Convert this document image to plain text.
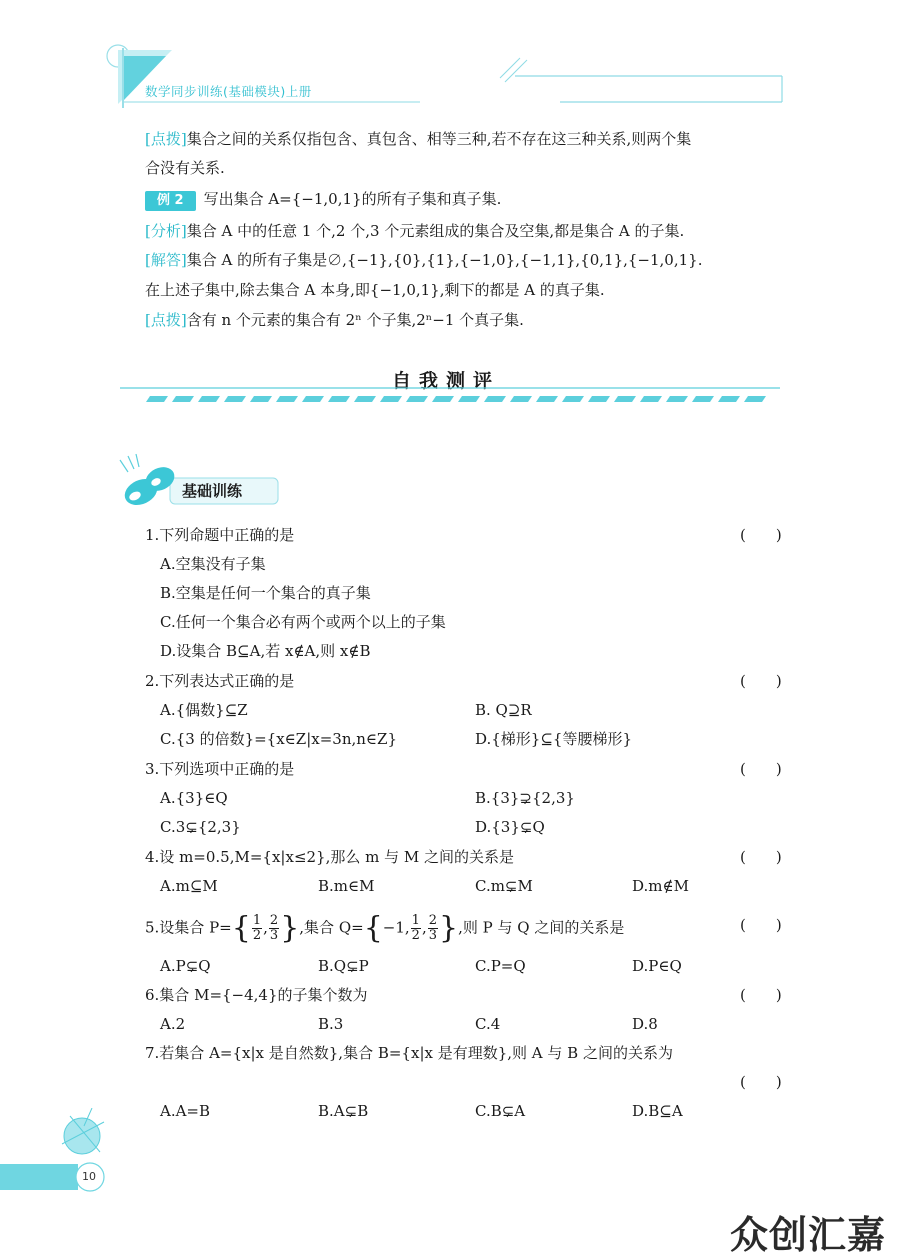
数学同步训练(基础模块)上册
[点拨]集合之间的关系仅指包含、真包含、相等三种,若不存在这三种关系,则两个集
合没有关系.
例 2 写出集合 A={−1,0,1}的所有子集和真子集.
[分析]集合 A 中的任意 1 个,2 个,3 个元素组成的集合及空集,都是集合 A 的子集.
[解答]集合 A 的所有子集是∅,{−1},{0},{1},{−1,0},{−1,1},{0,1},{−1,0,1}.
在上述子集中,除去集合 A 本身,即{−1,0,1},剩下的都是 A 的真子集.
[点拨]含有 n 个元素的集合有 2ⁿ 个子集,2ⁿ−1 个真子集.
自我测评
基础训练
1.下列命题中正确的是	()
A.空集没有子集
B.空集是任何一个集合的真子集
C.任何一个集合必有两个或两个以上的子集
D.设集合 B⊆A,若 x∉A,则 x∉B
2.下列表达式正确的是	()
A.{偶数}⊆Z	B. Q⊇R
C.{3 的倍数}={x∈Z|x=3n,n∈Z}	D.{梯形}⊆{等腰梯形}
3.下列选项中正确的是	()
A.{3}∈Q	B.{3}⊋{2,3}
C.3⊊{2,3}	D.{3}⊊Q
4.设 m=0.5,M={x|x≤2},那么 m 与 M 之间的关系是	()
A.m⊆M	B.m∈M	C.m⊊M	D.m∉M
5.设集合 $P=\{ \frac{1}{2}$ , $\frac{2}{3}$ },集合 Q={−1, $\frac{1}{2}$ , $\frac{2}{3}$ },则 P 与 Q 之间的关系是	()
A.P⊊Q	B.Q⊊P	C.P=Q	D.P∈Q
6.集合 M={−4,4}的子集个数为	()
A.2	B.3	C.4	D.8
7.若集合 A={x|x 是自然数},集合 B={x|x 是有理数},则 A 与 B 之间的关系为
()
A.A=B	B.A⊊B	C.B⊊A	D.B⊆A
10
众创汇嘉
